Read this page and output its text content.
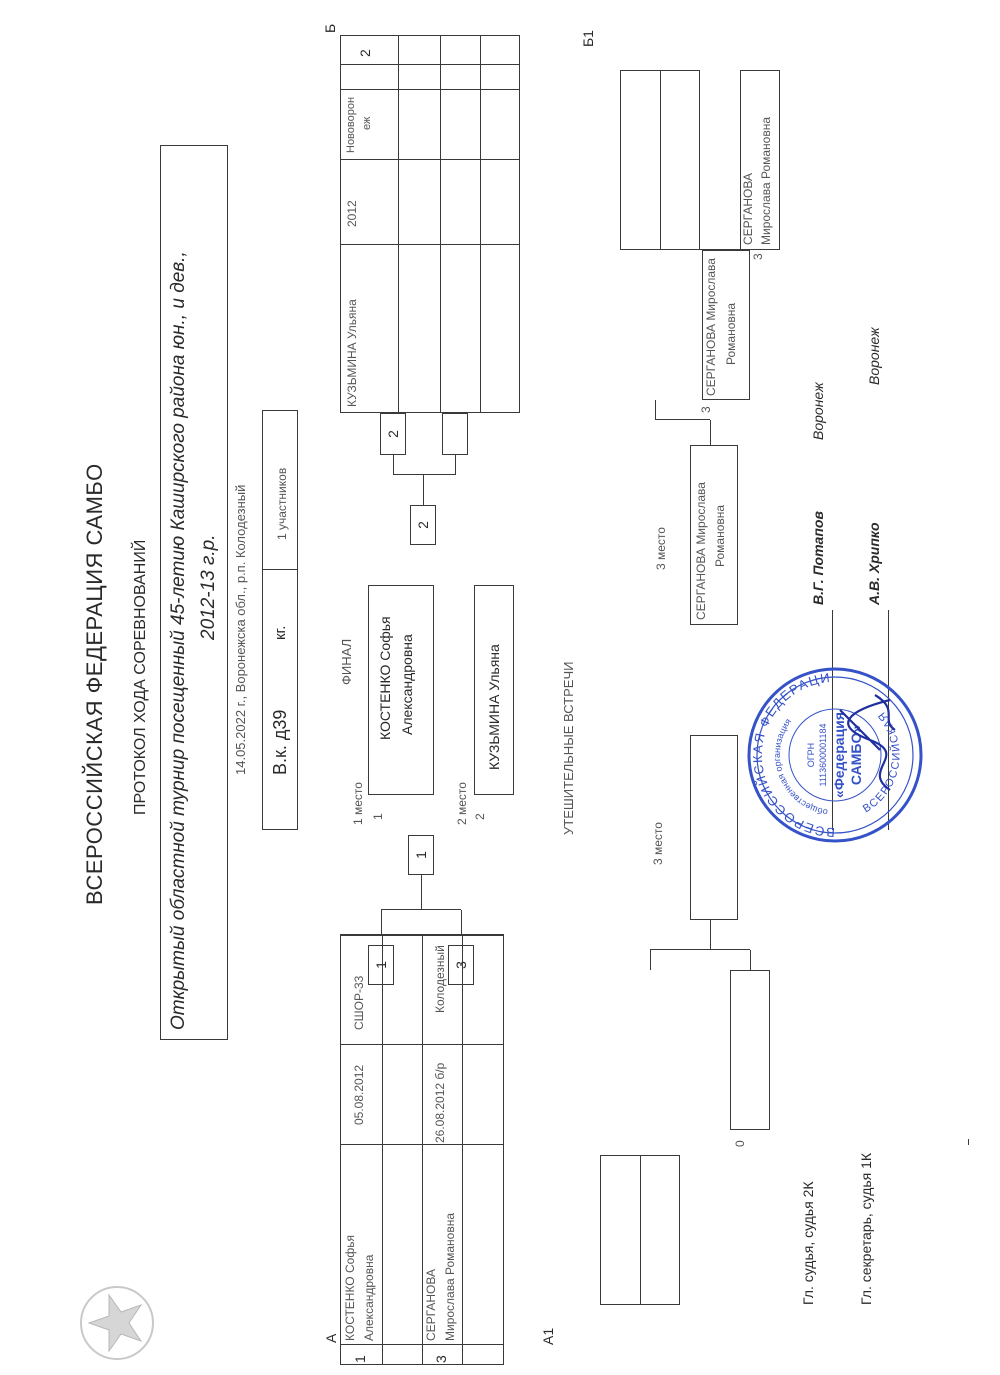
ВСЕРОССИЙСКАЯ ФЕДЕРАЦИЯ САМБО ПРОТОКОЛ ХОДА СОРЕВНОВАНИЙ Открытый областной турнир посещенный 45-летию Каширского района юн., и дев., 2012-13 г.р. 14.05.2022 г., Воронежска обл., р.п. Колодезный В.к. д39
кг.
1 участников
А
1
КОСТЕНКО Софья Александровна
05.08.2012
СШОР-33
3
СЕРГАНОВА Мирослава Романовна
26.08.2012 б/р
Колодезный
1	3
1
ФИНАЛ
1 место 1
КОСТЕНКО Софья Александровна
2 место 2
КУЗЬМИНА Ульяна
2
2
Б
КУЗЬМИНА Ульяна
2012
Нововорон еж
2
УТЕШИТЕЛЬНЫЕ ВСТРЕЧИ
А1
Б1
0
3 место
3 место СЕРГАНОВА Мирослава Романовна
3
СЕРГАНОВА Мирослава Романовна
3
СЕРГАНОВА Мирослава Романовна
Гл. судья, судья 2К
В.Г. Потапов
Воронеж
Гл. секретарь, судья 1К
А.В. Хрипко
Воронеж
ВСЕРОССИЙСКАЯ ФЕДЕРАЦИЯ
ВСЕРОССИЙСКАЯ
общественная организация
ОГРН 1113600001184 «Федерация САМБО»
